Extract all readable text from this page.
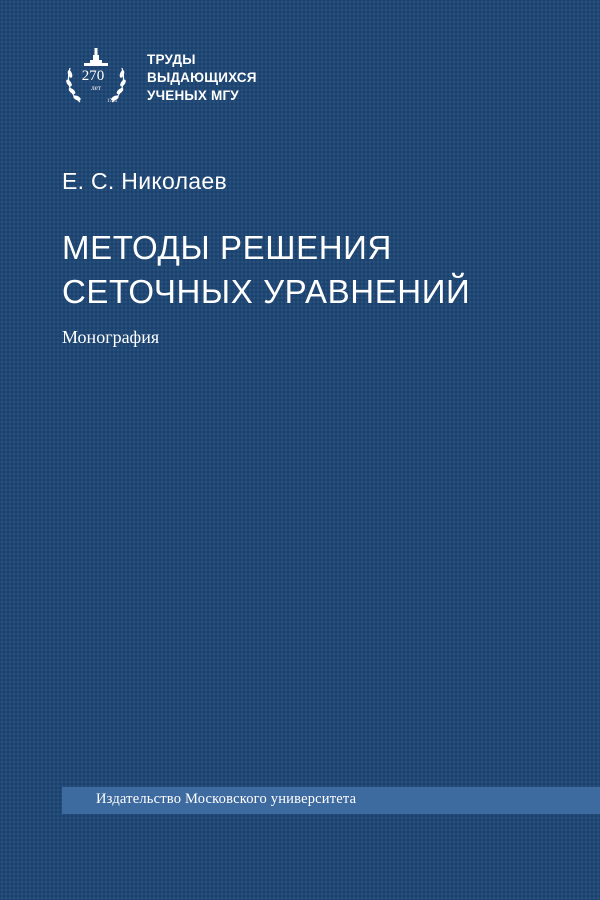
270
лет
1755
ТРУДЫ
ВЫДАЮЩИХСЯ
УЧЕНЫХ МГУ
Е. С. Николаев
МЕТОДЫ РЕШЕНИЯ
СЕТОЧНЫХ УРАВНЕНИЙ
Монография
Издательство Московского университета
